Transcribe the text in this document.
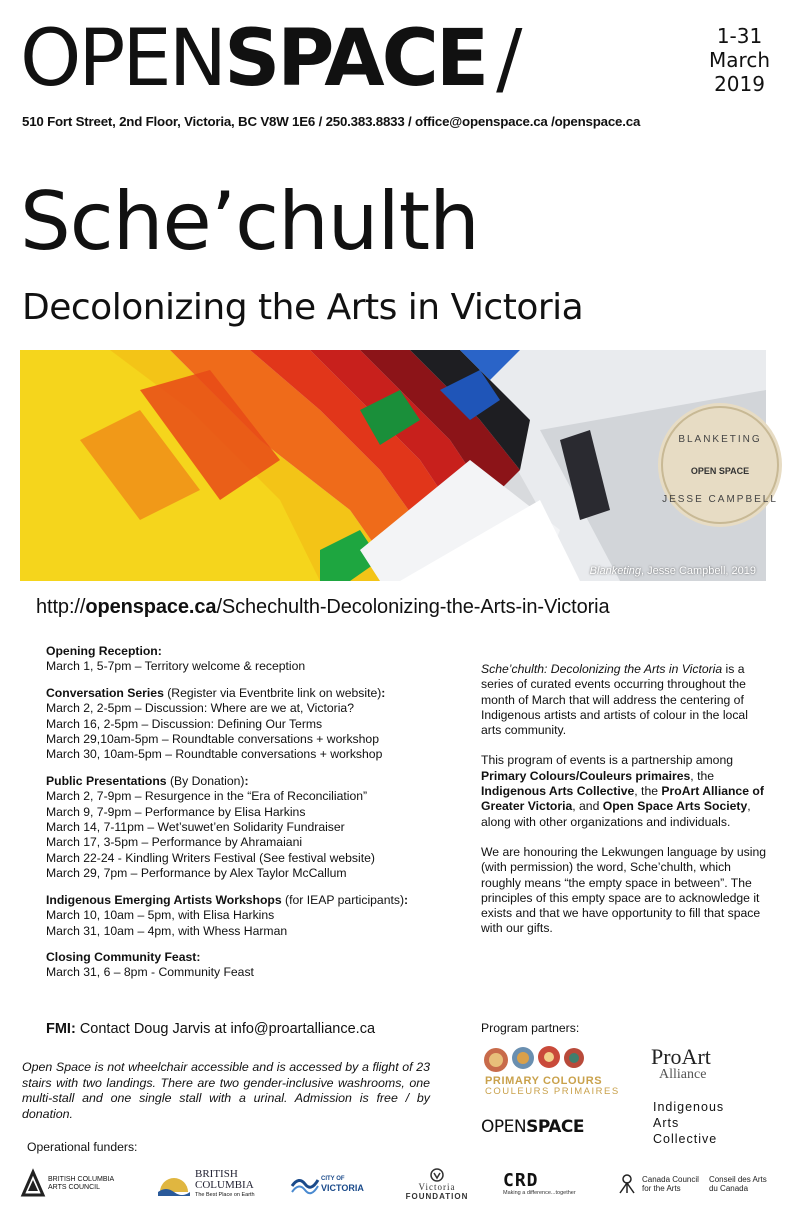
OPENSPACE /	1-31
March
2019
510 Fort Street, 2nd Floor, Victoria, BC V8W 1E6 / 250.383.8833 / office@openspace.ca /openspace.ca
Sche’chulth
Decolonizing the Arts in Victoria
BLANKETING
OPEN SPACE
JESSE CAMPBELL
Blanketing, Jesse Campbell, 2019
http://openspace.ca/Schechulth-Decolonizing-the-Arts-in-Victoria
Opening Reception:
March 1, 5-7pm – Territory welcome & reception
Conversation Series (Register via Eventbrite link on website):
March 2, 2-5pm – Discussion: Where are we at, Victoria?
March 16, 2-5pm – Discussion: Defining Our Terms
March 29,10am-5pm – Roundtable conversations + workshop
March 30, 10am-5pm – Roundtable conversations + workshop
Public Presentations (By Donation):
March 2, 7-9pm – Resurgence in the “Era of Reconciliation”
March 9, 7-9pm – Performance by Elisa Harkins
March 14, 7-11pm – Wet’suwet’en Solidarity Fundraiser
March 17, 3-5pm – Performance by Ahramaiani
March 22-24 - Kindling Writers Festival (See festival website)
March 29, 7pm – Performance by Alex Taylor McCallum
Indigenous Emerging Artists Workshops (for IEAP participants):
March 10, 10am – 5pm, with Elisa Harkins
March 31, 10am – 4pm, with Whess Harman
Closing Community Feast:
March 31, 6 – 8pm - Community Feast
FMI: Contact Doug Jarvis at info@proartalliance.ca

Open Space is not wheelchair accessible and is accessed by a flight of 23 stairs with two landings. There are two gender-inclusive washrooms, one multi-stall and one single stall with a urinal. Admission is free / by donation.

Sche’chulth: Decolonizing the Arts in Victoria is a series of curated events occurring throughout the month of March that will address the centering of Indigenous artists and artists of colour in the local arts community.

This program of events is a partnership among Primary Colours/Couleurs primaires, the Indigenous Arts Collective, the ProArt Alliance of Greater Victoria, and Open Space Arts Society, along with other organizations and individuals.

We are honouring the Lekwungen language by using (with permission) the word, Sche’chulth, which roughly means “the empty space in between”. The principles of this empty space are to acknowledge it exists and that we have opportunity to fill that space with our gifts.

Program partners:
PRIMARY COLOURS
COULEURS PRIMAIRES
ProArt
Alliance
OPENSPACE
Indigenous
Arts
Collective
Operational funders:
BRITISH COLUMBIA ARTS COUNCIL
BRITISH
COLUMBIA
The Best Place on Earth
CITY OF
VICTORIA	Victoria
FOUNDATION
CRD
Making a difference...together
Canada Council
for the Arts
Conseil des Arts
du Canada
